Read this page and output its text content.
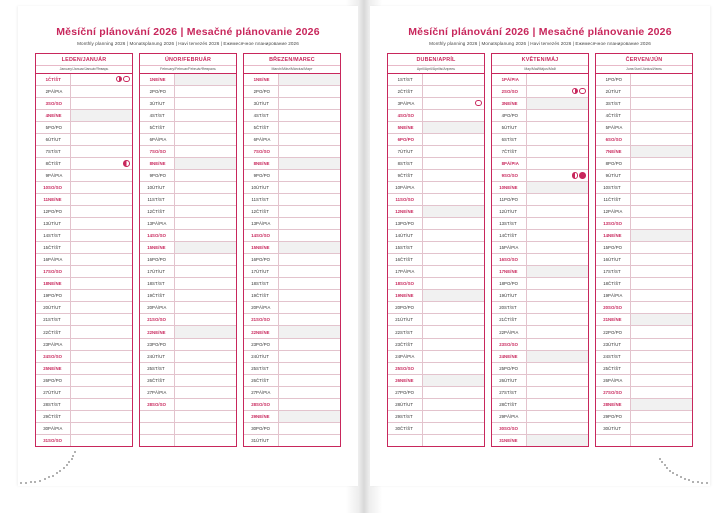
Měsíční plánování 2026 | Mesačné plánovanie 2026
Monthly planning 2026 | Monatsplanung 2026 | Havi tervezés 2026 | Ежемесячное планирование 2026
LEDEN/JANUÁR
January/Januar/Január/Январь
1	ČT/ŠT	

2	PÁ/PIA	
3	SO/SO	
4	NE/NE	
5	PO/PO	
6	ÚT/UT	
7	ST/ST	
8	ČT/ŠT	

9	PÁ/PIA	
10	SO/SO	
11	NE/NE	
12	PO/PO	
13	ÚT/UT	
14	ST/ST	
15	ČT/ŠT	
16	PÁ/PIA	
17	SO/SO	
18	NE/NE	
19	PO/PO	
20	ÚT/UT	
21	ST/ST	
22	ČT/ŠT	
23	PÁ/PIA	
24	SO/SO	
25	NE/NE	
26	PO/PO	
27	ÚT/UT	
28	ST/ST	
29	ČT/ŠT	
30	PÁ/PIA	
31	SO/SO	
ÚNOR/FEBRUÁR
February/Februar/Február/Февраль
1	NE/NE	
2	PO/PO	
3	ÚT/UT	
4	ST/ST	
5	ČT/ŠT	
6	PÁ/PIA	
7	SO/SO	
8	NE/NE	
9	PO/PO	
10	ÚT/UT	
11	ST/ST	
12	ČT/ŠT	
13	PÁ/PIA	
14	SO/SO	
15	NE/NE	
16	PO/PO	
17	ÚT/UT	
18	ST/ST	
19	ČT/ŠT	
20	PÁ/PIA	
21	SO/SO	
22	NE/NE	
23	PO/PO	
24	ÚT/UT	
25	ST/ST	
26	ČT/ŠT	
27	PÁ/PIA	
28	SO/SO	

BŘEZEN/MAREC
March/März/Március/Март
1	NE/NE	
2	PO/PO	
3	ÚT/UT	
4	ST/ST	
5	ČT/ŠT	
6	PÁ/PIA	
7	SO/SO	
8	NE/NE	
9	PO/PO	
10	ÚT/UT	
11	ST/ST	
12	ČT/ŠT	
13	PÁ/PIA	
14	SO/SO	
15	NE/NE	
16	PO/PO	
17	ÚT/UT	
18	ST/ST	
19	ČT/ŠT	
20	PÁ/PIA	
21	SO/SO	
22	NE/NE	
23	PO/PO	
24	ÚT/UT	
25	ST/ST	
26	ČT/ŠT	
27	PÁ/PIA	
28	SO/SO	
29	NE/NE	
30	PO/PO	
31	ÚT/UT	
Měsíční plánování 2026 | Mesačné plánovanie 2026
Monthly planning 2026 | Monatsplanung 2026 | Havi tervezés 2026 | Ежемесячное планирование 2026
DUBEN/APRÍL
April/April/Április/Апрель
1	ST/ST	
2	ČT/ŠT	
3	PÁ/PIA	

4	SO/SO	
5	NE/NE	
6	PO/PO	
7	ÚT/UT	
8	ST/ST	
9	ČT/ŠT	
10	PÁ/PIA	
11	SO/SO	
12	NE/NE	
13	PO/PO	
14	ÚT/UT	
15	ST/ST	
16	ČT/ŠT	
17	PÁ/PIA	
18	SO/SO	
19	NE/NE	
20	PO/PO	
21	ÚT/UT	
22	ST/ST	
23	ČT/ŠT	
24	PÁ/PIA	
25	SO/SO	
26	NE/NE	
27	PO/PO	
28	ÚT/UT	
29	ST/ST	
30	ČT/ŠT	

KVĚTEN/MÁJ
May/Mai/Május/Май
1	PÁ/PIA	
2	SO/SO	

3	NE/NE	
4	PO/PO	
5	ÚT/UT	
6	ST/ST	
7	ČT/ŠT	
8	PÁ/PIA	
9	SO/SO	

10	NE/NE	
11	PO/PO	
12	ÚT/UT	
13	ST/ST	
14	ČT/ŠT	
15	PÁ/PIA	
16	SO/SO	
17	NE/NE	
18	PO/PO	
19	ÚT/UT	
20	ST/ST	
21	ČT/ŠT	
22	PÁ/PIA	
23	SO/SO	
24	NE/NE	
25	PO/PO	
26	ÚT/UT	
27	ST/ST	
28	ČT/ŠT	
29	PÁ/PIA	
30	SO/SO	
31	NE/NE	
ČERVEN/JÚN
June/Juni/Június/Июнь
1	PO/PO	
2	ÚT/UT	
3	ST/ST	
4	ČT/ŠT	
5	PÁ/PIA	
6	SO/SO	
7	NE/NE	
8	PO/PO	
9	ÚT/UT	
10	ST/ST	
11	ČT/ŠT	
12	PÁ/PIA	
13	SO/SO	
14	NE/NE	
15	PO/PO	
16	ÚT/UT	
17	ST/ST	
18	ČT/ŠT	
19	PÁ/PIA	
20	SO/SO	
21	NE/NE	
22	PO/PO	
23	ÚT/UT	
24	ST/ST	
25	ČT/ŠT	
26	PÁ/PIA	
27	SO/SO	
28	NE/NE	
29	PO/PO	
30	ÚT/UT	
